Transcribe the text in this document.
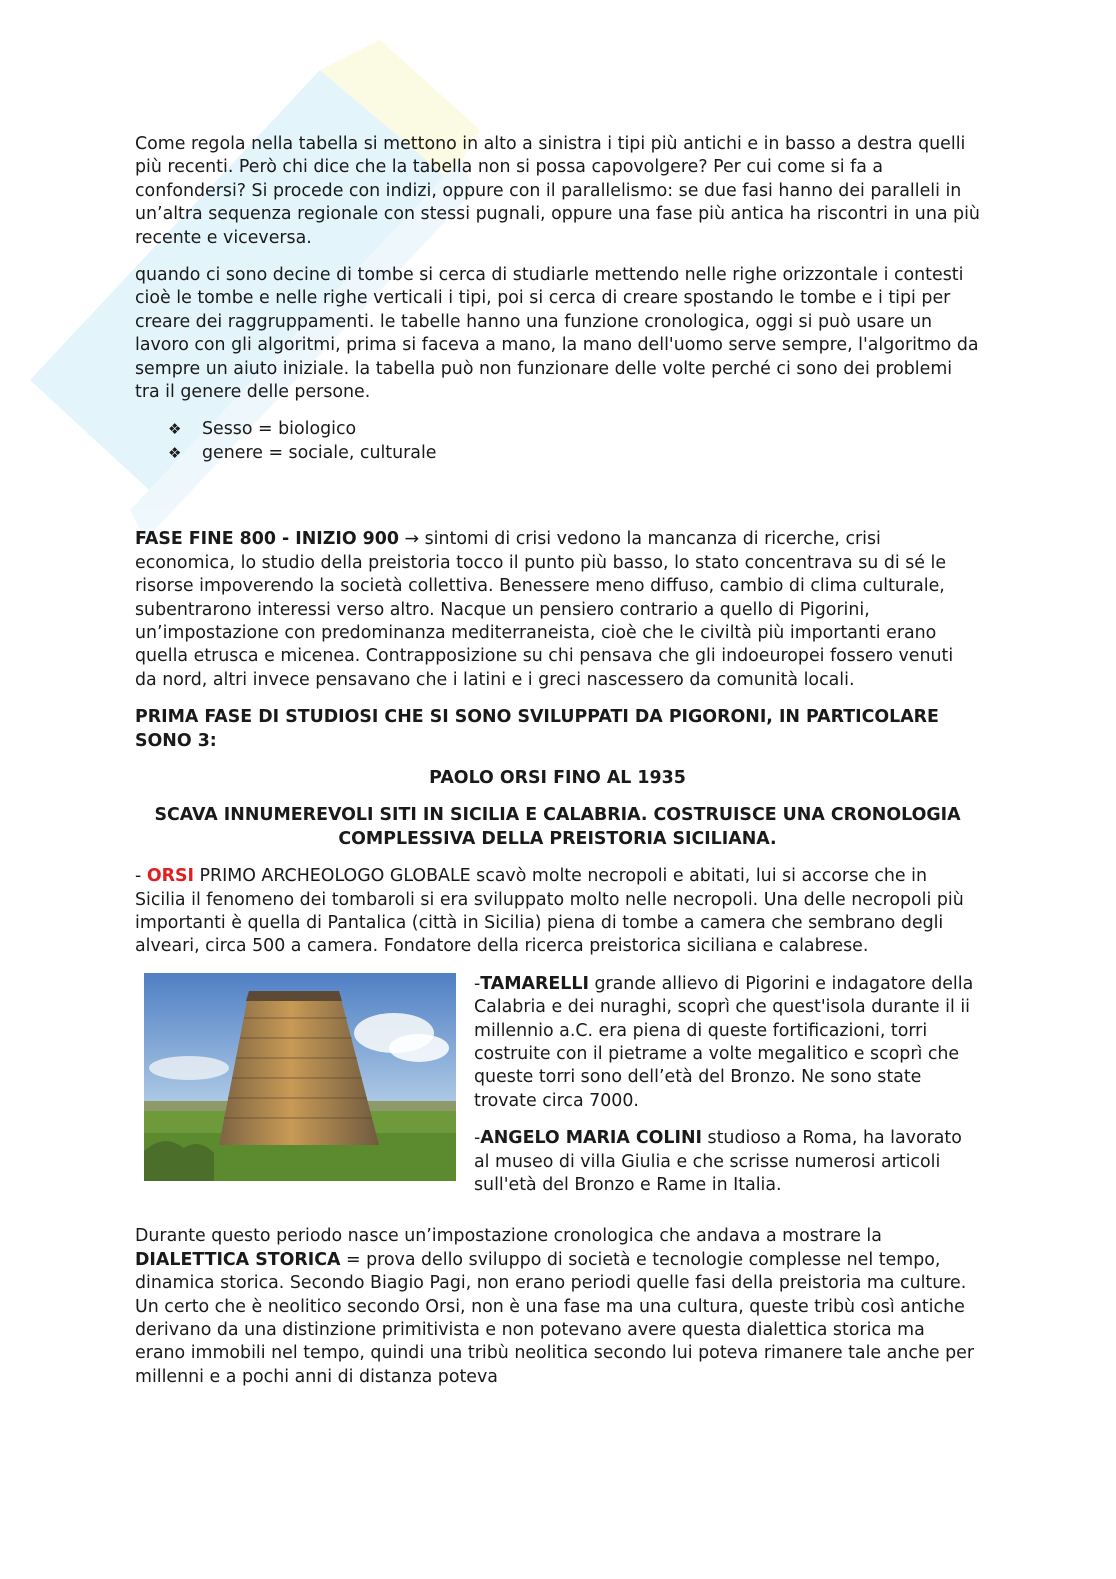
Come regola nella tabella si mettono in alto a sinistra i tipi più antichi e in basso a destra quelli più recenti. Però chi dice che la tabella non si possa capovolgere? Per cui come si fa a confondersi? Si procede con indizi, oppure con il parallelismo: se due fasi hanno dei paralleli in un’altra sequenza regionale con stessi pugnali, oppure una fase più antica ha riscontri in una più recente e viceversa.

quando ci sono decine di tombe si cerca di studiarle mettendo nelle righe orizzontale i contesti cioè le tombe e nelle righe verticali i tipi, poi si cerca di creare spostando le tombe e i tipi per creare dei raggruppamenti. le tabelle hanno una funzione cronologica, oggi si può usare un lavoro con gli algoritmi, prima si faceva a mano, la mano dell'uomo serve sempre, l'algoritmo da sempre un aiuto iniziale. la tabella può non funzionare delle volte perché ci sono dei problemi tra il genere delle persone.

❖ Sesso = biologico
❖ genere = sociale, culturale

FASE FINE 800 - INIZIO 900 → sintomi di crisi vedono la mancanza di ricerche, crisi economica, lo studio della preistoria tocco il punto più basso, lo stato concentrava su di sé le risorse impoverendo la società collettiva. Benessere meno diffuso, cambio di clima culturale, subentrarono interessi verso altro. Nacque un pensiero contrario a quello di Pigorini, un’impostazione con predominanza mediterraneista, cioè che le civiltà più importanti erano quella etrusca e micenea. Contrapposizione su chi pensava che gli indoeuropei fossero venuti da nord, altri invece pensavano che i latini e i greci nascessero da comunità locali.

PRIMA FASE DI STUDIOSI CHE SI SONO SVILUPPATI DA PIGORONI, IN PARTICOLARE SONO 3:

PAOLO ORSI FINO AL 1935

SCAVA INNUMEREVOLI SITI IN SICILIA E CALABRIA. COSTRUISCE UNA CRONOLOGIA COMPLESSIVA DELLA PREISTORIA SICILIANA.

- ORSI PRIMO ARCHEOLOGO GLOBALE scavò molte necropoli e abitati, lui si accorse che in Sicilia il fenomeno dei tombaroli si era sviluppato molto nelle necropoli. Una delle necropoli più importanti è quella di Pantalica (città in Sicilia) piena di tombe a camera che sembrano degli alveari, circa 500 a camera. Fondatore della ricerca preistorica siciliana e calabrese.

-TAMARELLI grande allievo di Pigorini e indagatore della Calabria e dei nuraghi, scoprì che quest'isola durante il ii millennio a.C. era piena di queste fortificazioni, torri costruite con il pietrame a volte megalitico e scoprì che queste torri sono dell’età del Bronzo. Ne sono state trovate circa 7000.

-ANGELO MARIA COLINI studioso a Roma, ha lavorato al museo di villa Giulia e che scrisse numerosi articoli sull'età del Bronzo e Rame in Italia.

Durante questo periodo nasce un’impostazione cronologica che andava a mostrare la DIALETTICA STORICA = prova dello sviluppo di società e tecnologie complesse nel tempo, dinamica storica. Secondo Biagio Pagi, non erano periodi quelle fasi della preistoria ma culture. Un certo che è neolitico secondo Orsi, non è una fase ma una cultura, queste tribù così antiche derivano da una distinzione primitivista e non potevano avere questa dialettica storica ma erano immobili nel tempo, quindi una tribù neolitica secondo lui poteva rimanere tale anche per millenni e a pochi anni di distanza poteva
